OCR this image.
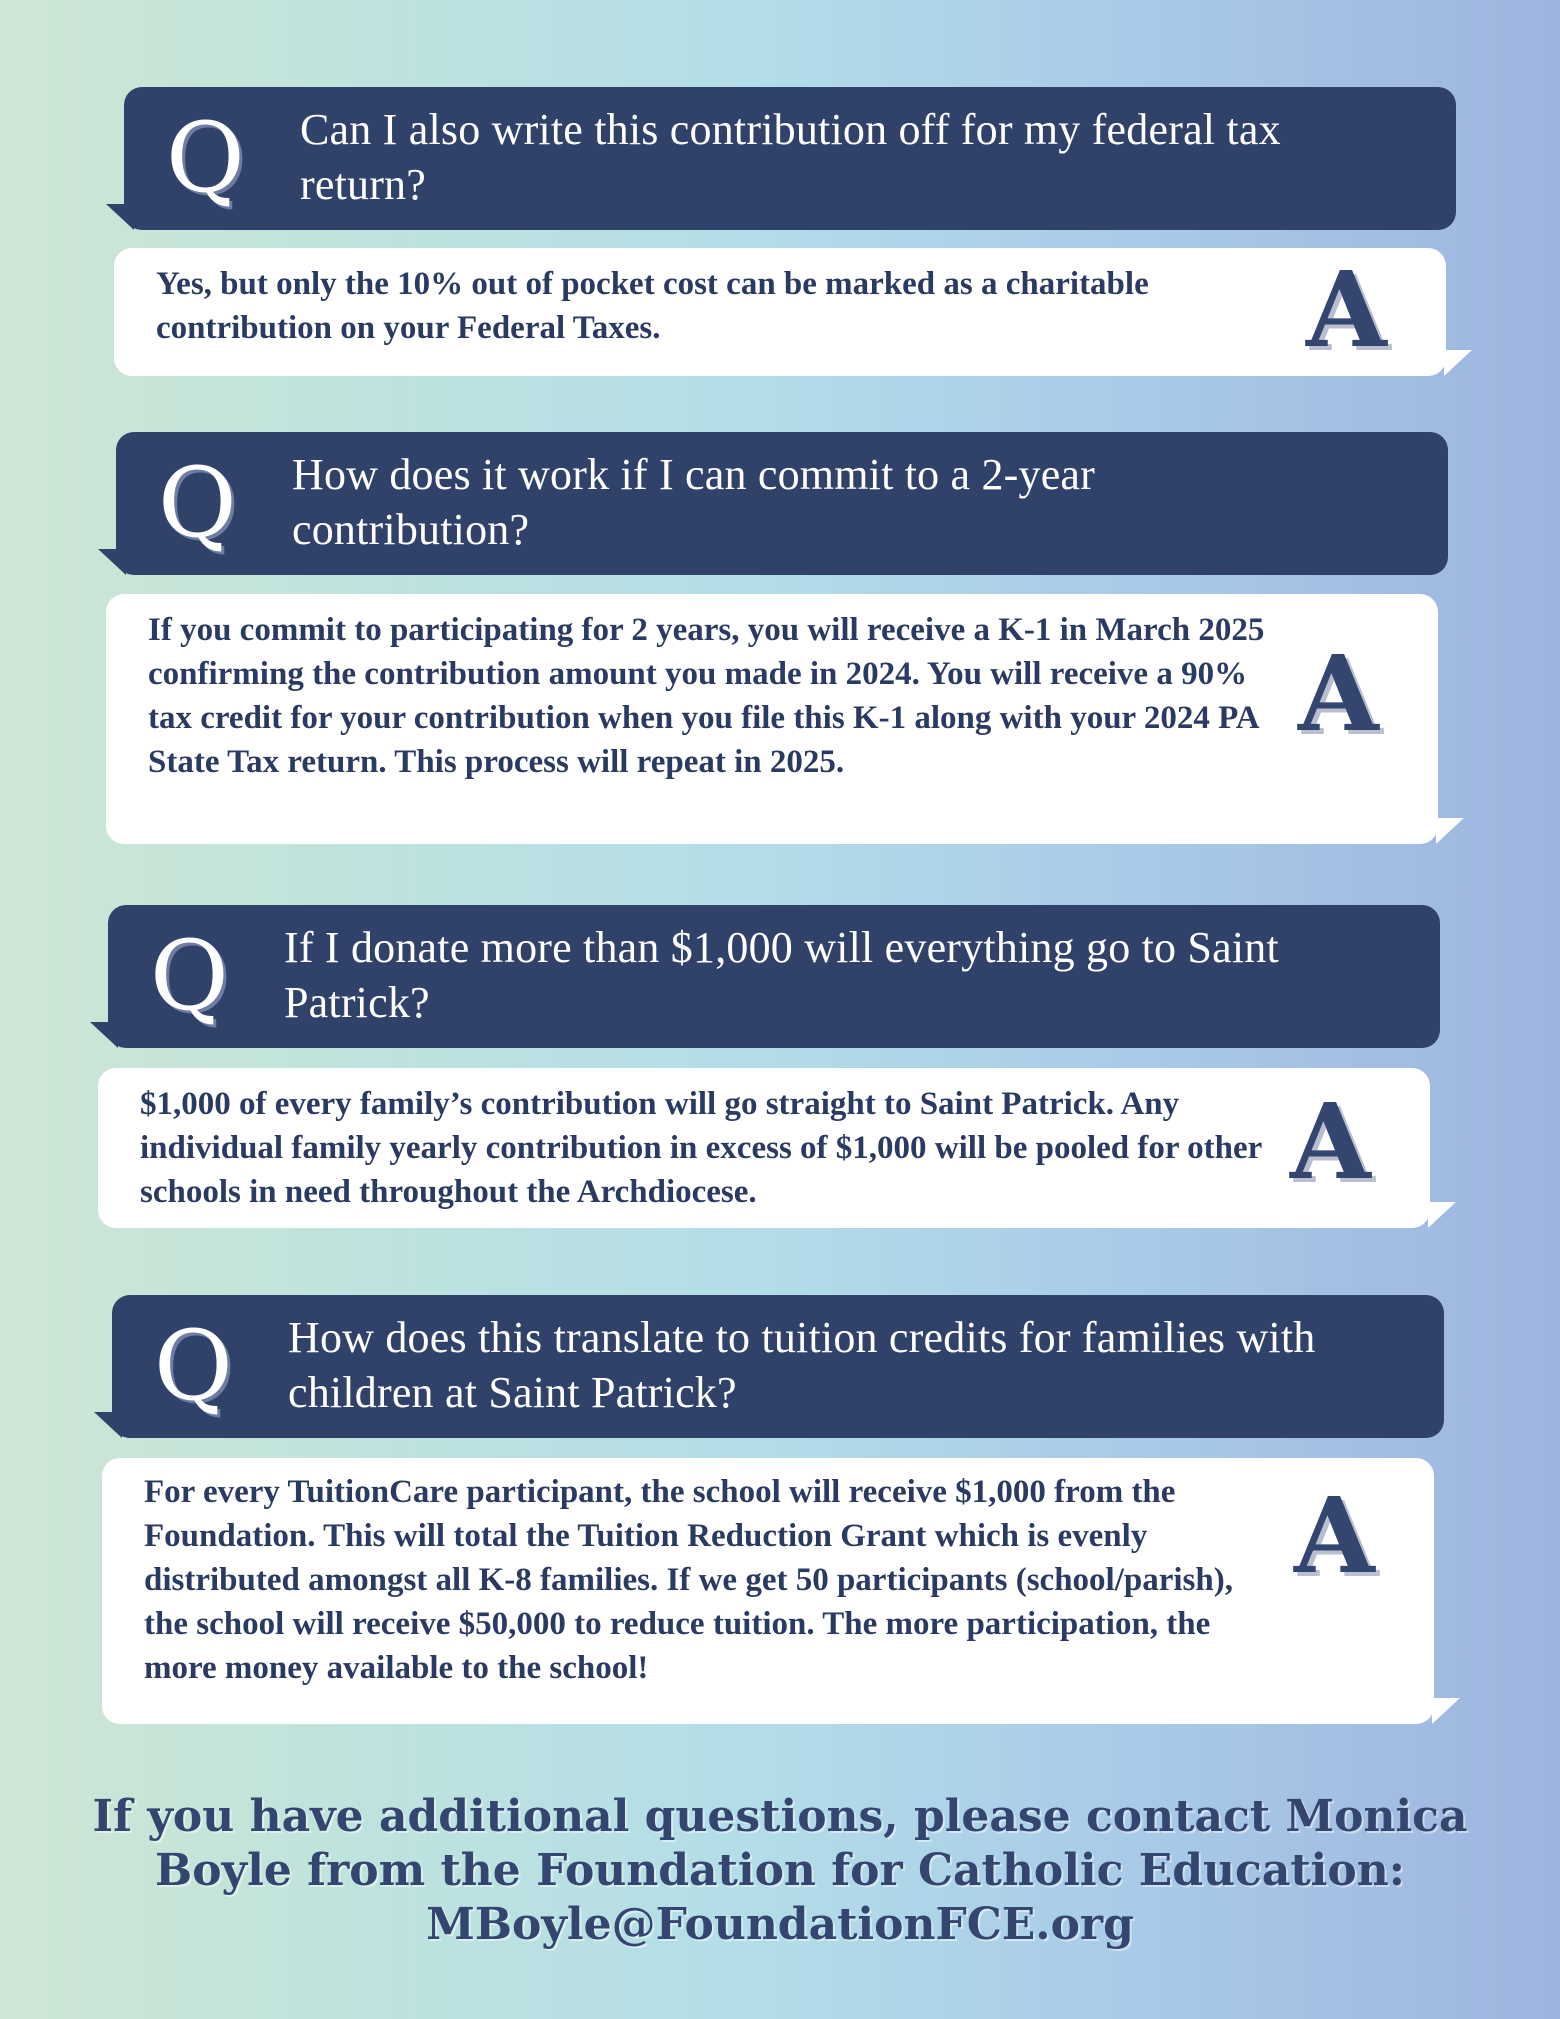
Q Can I also write this contribution off for my federal tax return?
Yes, but only the 10% out of pocket cost can be marked as a charitable contribution on your Federal Taxes.	A
Q How does it work if I can commit to a 2-year contribution?
If you commit to participating for 2 years, you will receive a K-1 in March 2025 confirming the contribution amount you made in 2024. You will receive a 90% tax credit for your contribution when you file this K-1 along with your 2024 PA State Tax return. This process will repeat in 2025.
A
Q If I donate more than $1,000 will everything go to Saint Patrick?
$1,000 of every family’s contribution will go straight to Saint Patrick. Any individual family yearly contribution in excess of $1,000 will be pooled for other schools in need throughout the Archdiocese.	A
Q How does this translate to tuition credits for families with children at Saint Patrick?
For every TuitionCare participant, the school will receive $1,000 from the Foundation. This will total the Tuition Reduction Grant which is evenly distributed amongst all K-8 families. If we get 50 participants (school/parish), the school will receive $50,000 to reduce tuition. The more participation, the more money available to the school!
A
If you have additional questions, please contact Monica Boyle from the Foundation for Catholic Education: MBoyle@FoundationFCE.org
